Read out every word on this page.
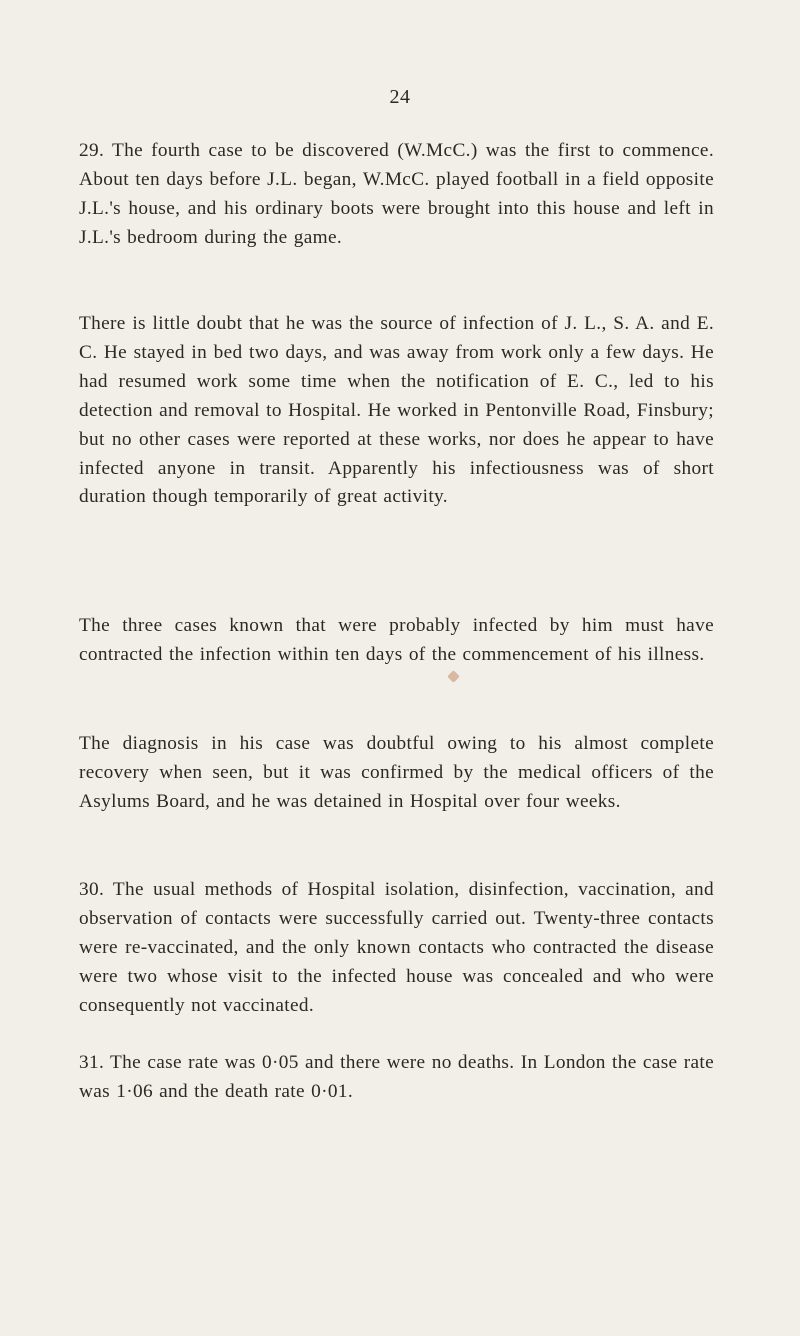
24

29. The fourth case to be discovered (W.McC.) was the first to commence. About ten days before J.L. began, W.McC. played football in a field opposite J.L.'s house, and his ordinary boots were brought into this house and left in J.L.'s bedroom during the game.

There is little doubt that he was the source of infection of J. L., S. A. and E. C. He stayed in bed two days, and was away from work only a few days. He had resumed work some time when the notification of E. C., led to his detection and removal to Hospital. He worked in Pentonville Road, Finsbury; but no other cases were reported at these works, nor does he appear to have infected anyone in transit. Apparently his infectiousness was of short duration though temporarily of great activity.

The three cases known that were probably infected by him must have contracted the infection within ten days of the commencement of his illness.

The diagnosis in his case was doubtful owing to his almost complete recovery when seen, but it was confirmed by the medical officers of the Asylums Board, and he was detained in Hospital over four weeks.

30. The usual methods of Hospital isolation, disinfection, vaccination, and observation of contacts were successfully carried out. Twenty-three contacts were re-vaccinated, and the only known contacts who contracted the disease were two whose visit to the infected house was concealed and who were consequently not vaccinated.

31. The case rate was 0·05 and there were no deaths. In London the case rate was 1·06 and the death rate 0·01.
